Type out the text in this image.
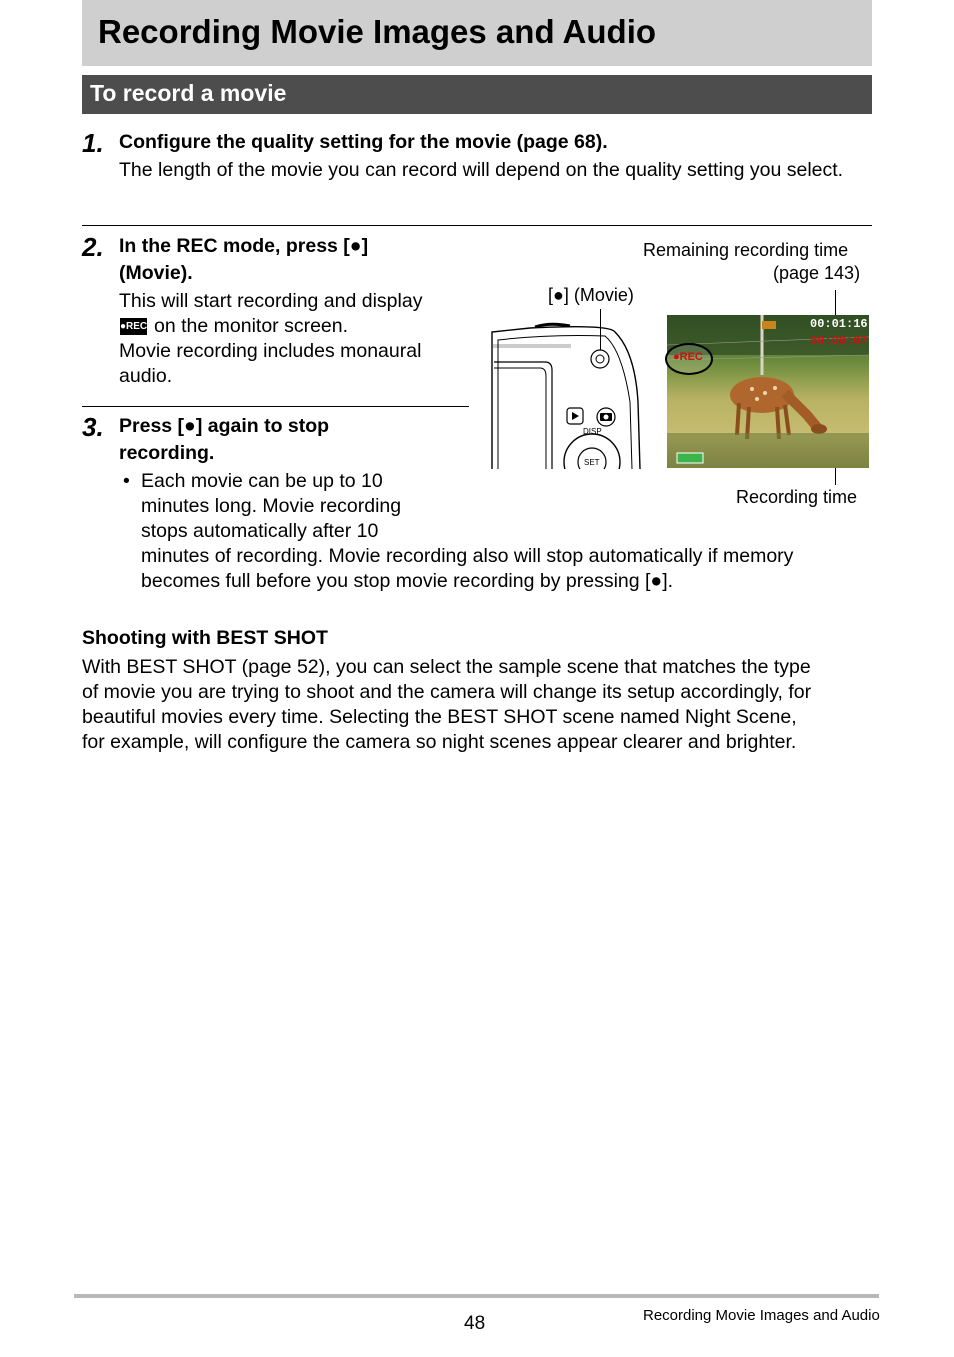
Recording Movie Images and Audio
To record a movie
1. Configure the quality setting for the movie (page 68).
The length of the movie you can record will depend on the quality setting you select.
2. In the REC mode, press [●]
(Movie).
This will start recording and display
●REC on the monitor screen.
Movie recording includes monaural
audio.
3. Press [●] again to stop
recording.
• Each movie can be up to 10
minutes long. Movie recording
stops automatically after 10
minutes of recording. Movie recording also will stop automatically if memory
becomes full before you stop movie recording by pressing [●].
Remaining recording time
(page 143)
[●] (Movie)
Recording time
DISP
SET
00:01:16
00:00:07
●REC
Shooting with BEST SHOT
With BEST SHOT (page 52), you can select the sample scene that matches the type
of movie you are trying to shoot and the camera will change its setup accordingly, for
beautiful movies every time. Selecting the BEST SHOT scene named Night Scene,
for example, will configure the camera so night scenes appear clearer and brighter.
48	Recording Movie Images and Audio
